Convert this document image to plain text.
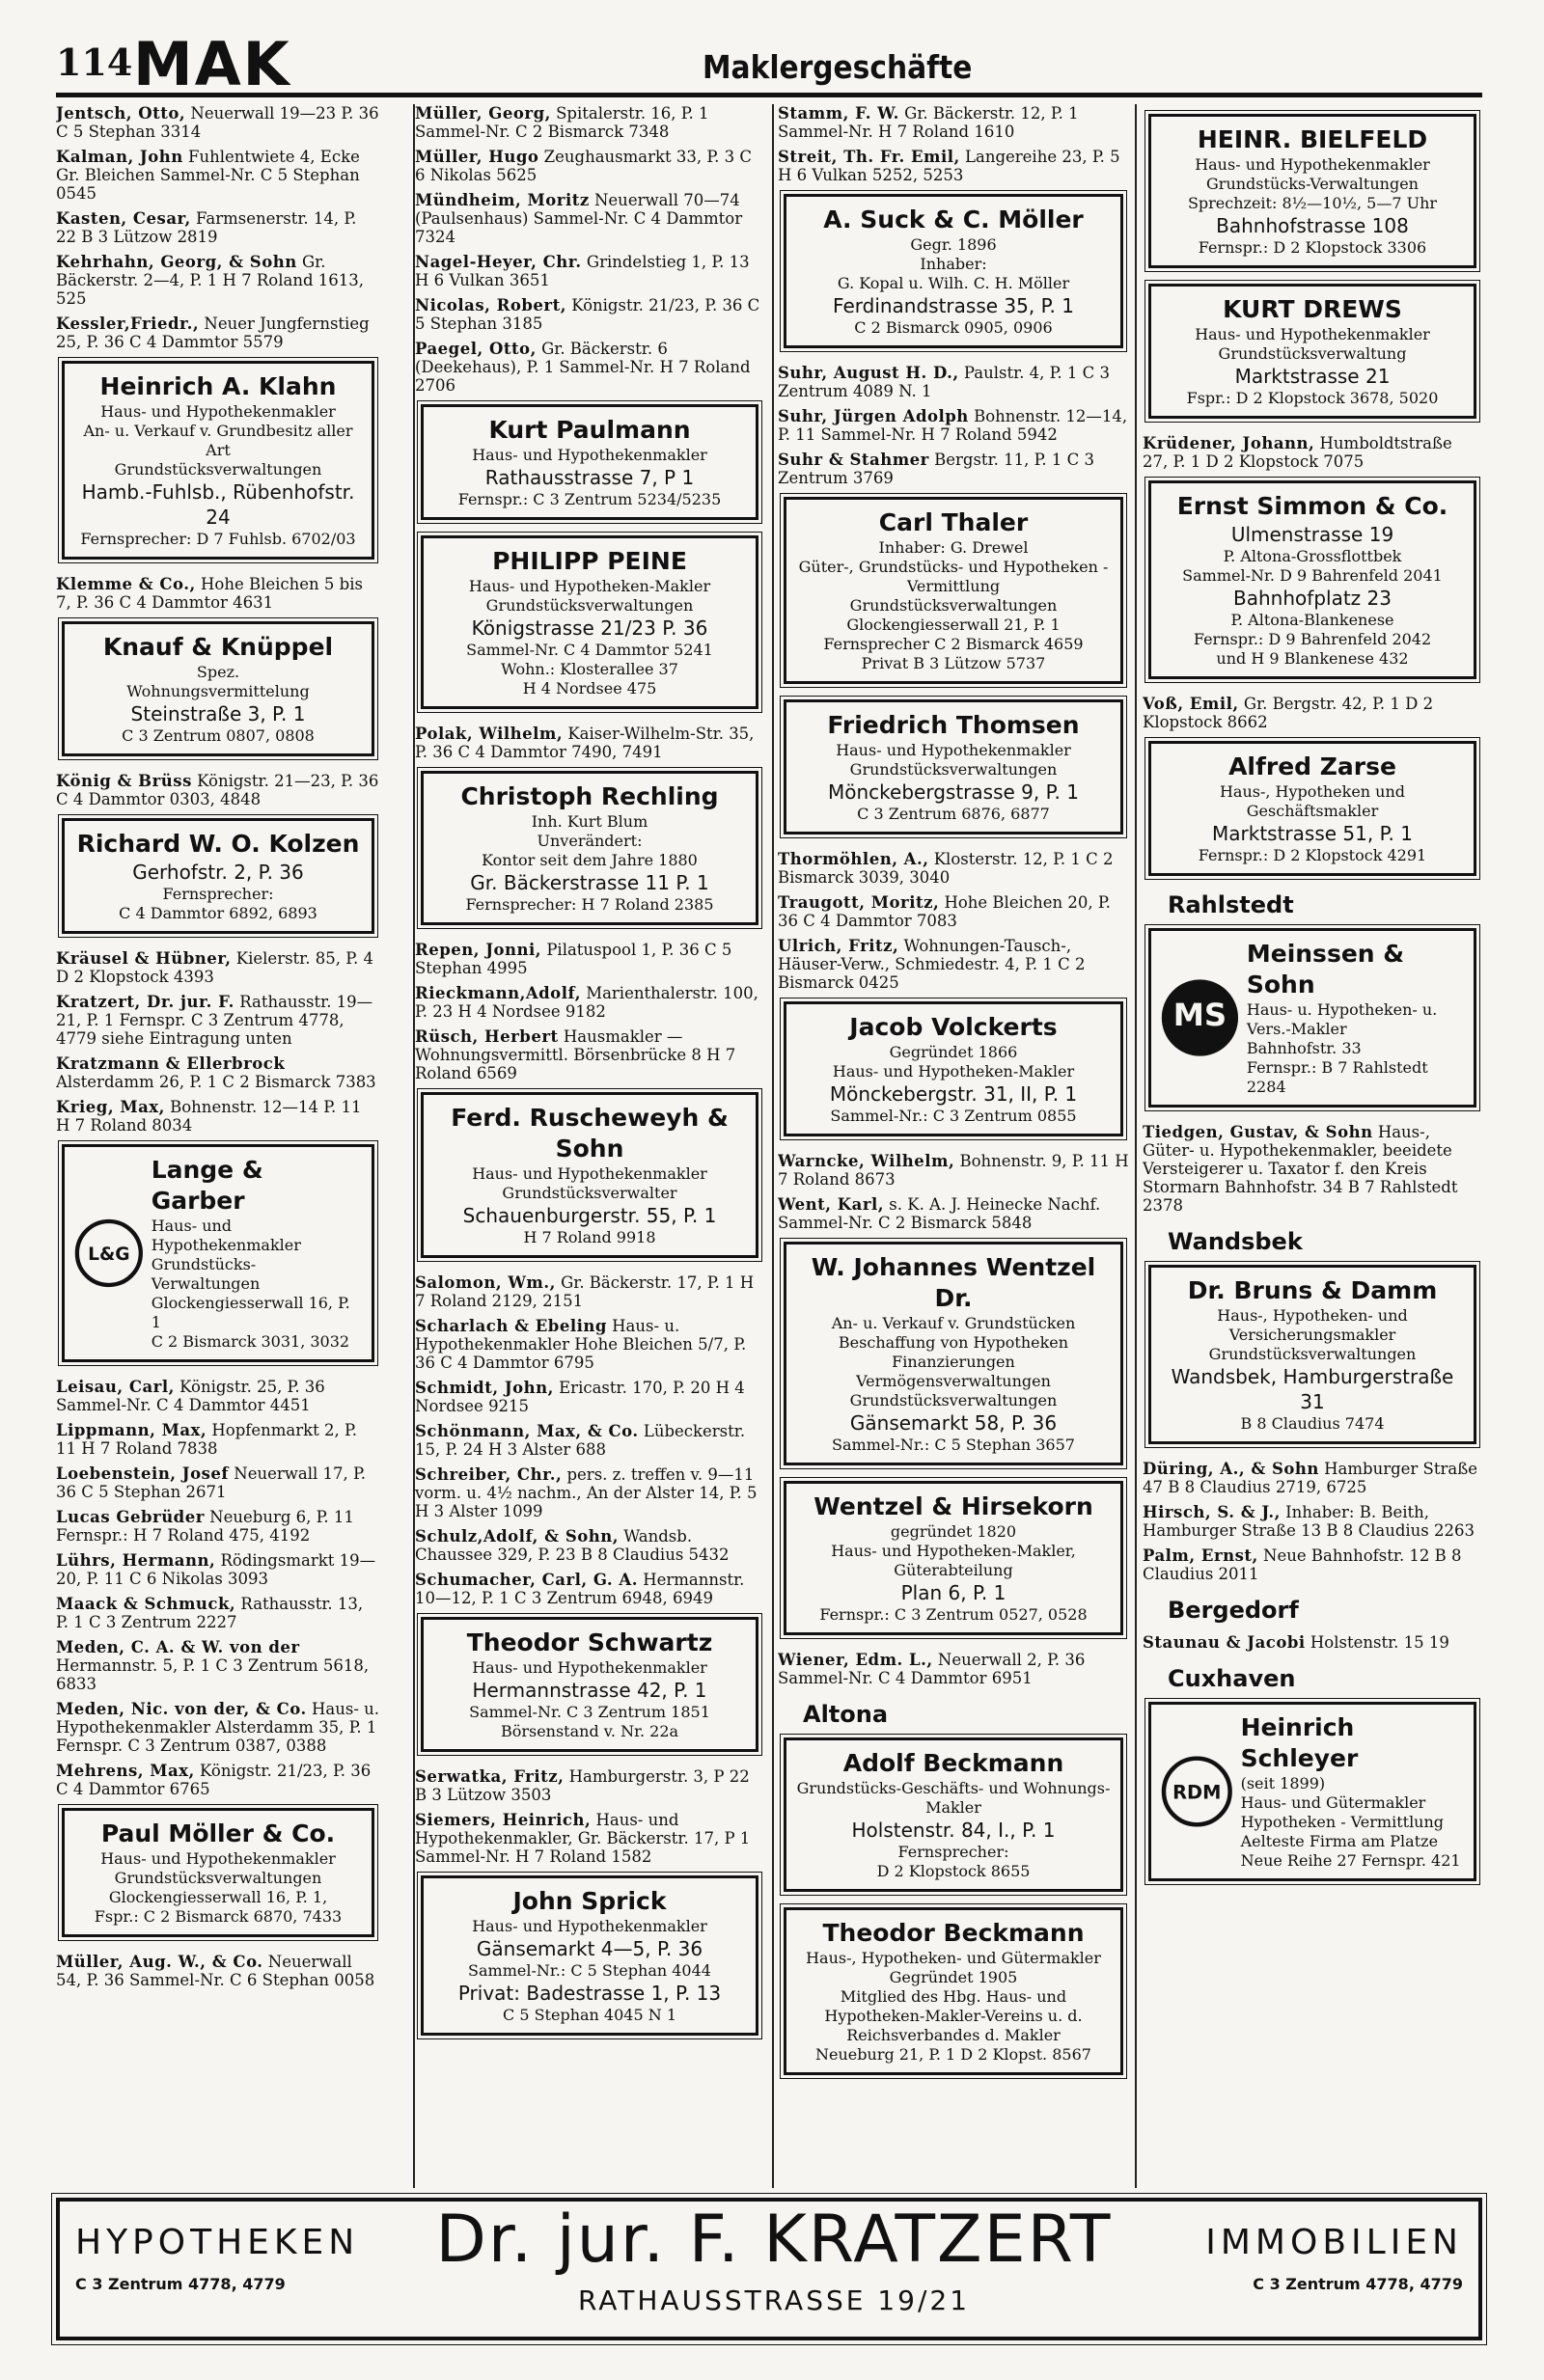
114 MAK	Maklergeschäfte
Jentsch, Otto, Neuerwall 19—23 P. 36 C 5 Stephan 3314
Kalman, John Fuhlentwiete 4, Ecke Gr. Bleichen Sammel-Nr. C 5 Stephan 0545
Kasten, Cesar, Farmsenerstr. 14, P. 22 B 3 Lützow 2819
Kehrhahn, Georg, & Sohn Gr. Bäckerstr. 2—4, P. 1 H 7 Roland 1613, 525
Kessler,Friedr., Neuer Jungfernstieg 25, P. 36 C 4 Dammtor 5579
Heinrich A. Klahn
Haus- und Hypothekenmakler
An- u. Verkauf v. Grundbesitz aller Art
Grundstücksverwaltungen
Hamb.-Fuhlsb., Rübenhofstr. 24
Fernsprecher: D 7 Fuhlsb. 6702/03
Klemme & Co., Hohe Bleichen 5 bis 7, P. 36 C 4 Dammtor 4631
Knauf & Knüppel
Spez.
Wohnungsvermittelung
Steinstraße 3, P. 1
C 3 Zentrum 0807, 0808
König & Brüss Königstr. 21—23, P. 36 C 4 Dammtor 0303, 4848
Richard W. O. Kolzen
Gerhofstr. 2, P. 36
Fernsprecher:
C 4 Dammtor 6892, 6893
Kräusel & Hübner, Kielerstr. 85, P. 4 D 2 Klopstock 4393
Kratzert, Dr. jur. F. Rathausstr. 19—21, P. 1 Fernspr. C 3 Zentrum 4778, 4779 siehe Eintragung unten
Kratzmann & Ellerbrock Alsterdamm 26, P. 1 C 2 Bismarck 7383
Krieg, Max, Bohnenstr. 12—14 P. 11 H 7 Roland 8034
L&G
Lange & Garber
Haus- und Hypothekenmakler
Grundstücks-Verwaltungen
Glockengiesserwall 16, P. 1
C 2 Bismarck 3031, 3032
Leisau, Carl, Königstr. 25, P. 36 Sammel-Nr. C 4 Dammtor 4451
Lippmann, Max, Hopfenmarkt 2, P. 11 H 7 Roland 7838
Loebenstein, Josef Neuerwall 17, P. 36 C 5 Stephan 2671
Lucas Gebrüder Neueburg 6, P. 11 Fernspr.: H 7 Roland 475, 4192
Lührs, Hermann, Rödingsmarkt 19—20, P. 11 C 6 Nikolas 3093
Maack & Schmuck, Rathausstr. 13, P. 1 C 3 Zentrum 2227
Meden, C. A. & W. von der Hermannstr. 5, P. 1 C 3 Zentrum 5618, 6833
Meden, Nic. von der, & Co. Haus- u. Hypothekenmakler Alsterdamm 35, P. 1 Fernspr. C 3 Zentrum 0387, 0388
Mehrens, Max, Königstr. 21/23, P. 36 C 4 Dammtor 6765
Paul Möller & Co.
Haus- und Hypothekenmakler
Grundstücksverwaltungen
Glockengiesserwall 16, P. 1,
Fspr.: C 2 Bismarck 6870, 7433
Müller, Aug. W., & Co. Neuerwall 54, P. 36 Sammel-Nr. C 6 Stephan 0058
Müller, Georg, Spitalerstr. 16, P. 1 Sammel-Nr. C 2 Bismarck 7348
Müller, Hugo Zeughausmarkt 33, P. 3 C 6 Nikolas 5625
Mündheim, Moritz Neuerwall 70—74 (Paulsenhaus) Sammel-Nr. C 4 Dammtor 7324
Nagel-Heyer, Chr. Grindelstieg 1, P. 13 H 6 Vulkan 3651
Nicolas, Robert, Königstr. 21/23, P. 36 C 5 Stephan 3185
Paegel, Otto, Gr. Bäckerstr. 6 (Deekehaus), P. 1 Sammel-Nr. H 7 Roland 2706
Kurt Paulmann
Haus- und Hypothekenmakler
Rathausstrasse 7, P 1
Fernspr.: C 3 Zentrum 5234/5235
PHILIPP PEINE
Haus- und Hypotheken-Makler
Grundstücksverwaltungen
Königstrasse 21/23 P. 36
Sammel-Nr. C 4 Dammtor 5241
Wohn.: Klosterallee 37
H 4 Nordsee 475
Polak, Wilhelm, Kaiser-Wilhelm-Str. 35, P. 36 C 4 Dammtor 7490, 7491
Christoph Rechling
Inh. Kurt Blum
Unverändert:
Kontor seit dem Jahre 1880
Gr. Bäckerstrasse 11 P. 1
Fernsprecher: H 7 Roland 2385
Repen, Jonni, Pilatuspool 1, P. 36 C 5 Stephan 4995
Rieckmann,Adolf, Marienthalerstr. 100, P. 23 H 4 Nordsee 9182
Rüsch, Herbert Hausmakler — Wohnungsvermittl. Börsenbrücke 8 H 7 Roland 6569
Ferd. Ruscheweyh & Sohn
Haus- und Hypothekenmakler
Grundstücksverwalter
Schauenburgerstr. 55, P. 1
H 7 Roland 9918
Salomon, Wm., Gr. Bäckerstr. 17, P. 1 H 7 Roland 2129, 2151
Scharlach & Ebeling Haus- u. Hypothekenmakler Hohe Bleichen 5/7, P. 36 C 4 Dammtor 6795
Schmidt, John, Ericastr. 170, P. 20 H 4 Nordsee 9215
Schönmann, Max, & Co. Lübeckerstr. 15, P. 24 H 3 Alster 688
Schreiber, Chr., pers. z. treffen v. 9—11 vorm. u. 4½ nachm., An der Alster 14, P. 5 H 3 Alster 1099
Schulz,Adolf, & Sohn, Wandsb. Chaussee 329, P. 23 B 8 Claudius 5432
Schumacher, Carl, G. A. Hermannstr. 10—12, P. 1 C 3 Zentrum 6948, 6949
Theodor Schwartz
Haus- und Hypothekenmakler
Hermannstrasse 42, P. 1
Sammel-Nr. C 3 Zentrum 1851
Börsenstand v. Nr. 22a
Serwatka, Fritz, Hamburgerstr. 3, P 22 B 3 Lützow 3503
Siemers, Heinrich, Haus- und Hypothekenmakler, Gr. Bäckerstr. 17, P 1 Sammel-Nr. H 7 Roland 1582
John Sprick
Haus- und Hypothekenmakler
Gänsemarkt 4—5, P. 36
Sammel-Nr.: C 5 Stephan 4044
Privat: Badestrasse 1, P. 13
C 5 Stephan 4045 N 1
Stamm, F. W. Gr. Bäckerstr. 12, P. 1 Sammel-Nr. H 7 Roland 1610
Streit, Th. Fr. Emil, Langereihe 23, P. 5 H 6 Vulkan 5252, 5253
A. Suck & C. Möller
Gegr. 1896
Inhaber:
G. Kopal u. Wilh. C. H. Möller
Ferdinandstrasse 35, P. 1
C 2 Bismarck 0905, 0906
Suhr, August H. D., Paulstr. 4, P. 1 C 3 Zentrum 4089 N. 1
Suhr, Jürgen Adolph Bohnenstr. 12—14, P. 11 Sammel-Nr. H 7 Roland 5942
Suhr & Stahmer Bergstr. 11, P. 1 C 3 Zentrum 3769
Carl Thaler
Inhaber: G. Drewel
Güter-, Grundstücks- und Hypotheken - Vermittlung
Grundstücksverwaltungen
Glockengiesserwall 21, P. 1
Fernsprecher C 2 Bismarck 4659
Privat B 3 Lützow 5737
Friedrich Thomsen
Haus- und Hypothekenmakler
Grundstücksverwaltungen
Mönckebergstrasse 9, P. 1
C 3 Zentrum 6876, 6877
Thormöhlen, A., Klosterstr. 12, P. 1 C 2 Bismarck 3039, 3040
Traugott, Moritz, Hohe Bleichen 20, P. 36 C 4 Dammtor 7083
Ulrich, Fritz, Wohnungen-Tausch-, Häuser-Verw., Schmiedestr. 4, P. 1 C 2 Bismarck 0425
Jacob Volckerts
Gegründet 1866
Haus- und Hypotheken-Makler
Mönckebergstr. 31, II, P. 1
Sammel-Nr.: C 3 Zentrum 0855
Warncke, Wilhelm, Bohnenstr. 9, P. 11 H 7 Roland 8673
Went, Karl, s. K. A. J. Heinecke Nachf. Sammel-Nr. C 2 Bismarck 5848
W. Johannes Wentzel Dr.
An- u. Verkauf v. Grundstücken
Beschaffung von Hypotheken
Finanzierungen
Vermögensverwaltungen
Grundstücksverwaltungen
Gänsemarkt 58, P. 36
Sammel-Nr.: C 5 Stephan 3657
Wentzel & Hirsekorn
gegründet 1820
Haus- und Hypotheken-Makler, Güterabteilung
Plan 6, P. 1
Fernspr.: C 3 Zentrum 0527, 0528
Wiener, Edm. L., Neuerwall 2, P. 36 Sammel-Nr. C 4 Dammtor 6951
Altona
Adolf Beckmann
Grundstücks-Geschäfts- und Wohnungs-Makler
Holstenstr. 84, I., P. 1
Fernsprecher:
D 2 Klopstock 8655
Theodor Beckmann
Haus-, Hypotheken- und Gütermakler
Gegründet 1905
Mitglied des Hbg. Haus- und Hypotheken-Makler-Vereins u. d. Reichsverbandes d. Makler
Neueburg 21, P. 1 D 2 Klopst. 8567
HEINR. BIELFELD
Haus- und Hypothekenmakler
Grundstücks-Verwaltungen
Sprechzeit: 8½—10½, 5—7 Uhr
Bahnhofstrasse 108
Fernspr.: D 2 Klopstock 3306
KURT DREWS
Haus- und Hypothekenmakler
Grundstücksverwaltung
Marktstrasse 21
Fspr.: D 2 Klopstock 3678, 5020
Krüdener, Johann, Humboldtstraße 27, P. 1 D 2 Klopstock 7075
Ernst Simmon & Co.
Ulmenstrasse 19
P. Altona-Grossflottbek
Sammel-Nr. D 9 Bahrenfeld 2041
Bahnhofplatz 23
P. Altona-Blankenese
Fernspr.: D 9 Bahrenfeld 2042
und H 9 Blankenese 432
Voß, Emil, Gr. Bergstr. 42, P. 1 D 2 Klopstock 8662
Alfred Zarse
Haus-, Hypotheken und Geschäftsmakler
Marktstrasse 51, P. 1
Fernspr.: D 2 Klopstock 4291
Rahlstedt
MS
Meinssen & Sohn
Haus- u. Hypotheken- u. Vers.-Makler
Bahnhofstr. 33
Fernspr.: B 7 Rahlstedt 2284
Tiedgen, Gustav, & Sohn Haus-, Güter- u. Hypothekenmakler, beeidete Versteigerer u. Taxator f. den Kreis Stormarn Bahnhofstr. 34 B 7 Rahlstedt 2378
Wandsbek
Dr. Bruns & Damm
Haus-, Hypotheken- und Versicherungsmakler
Grundstücksverwaltungen
Wandsbek, Hamburgerstraße 31
B 8 Claudius 7474
Düring, A., & Sohn Hamburger Straße 47 B 8 Claudius 2719, 6725
Hirsch, S. & J., Inhaber: B. Beith, Hamburger Straße 13 B 8 Claudius 2263
Palm, Ernst, Neue Bahnhofstr. 12 B 8 Claudius 2011
Bergedorf
Staunau & Jacobi Holstenstr. 15 19
Cuxhaven
RDM
Heinrich Schleyer
(seit 1899)
Haus- und Gütermakler
Hypotheken - Vermittlung
Aelteste Firma am Platze
Neue Reihe 27 Fernspr. 421
HYPOTHEKEN
C 3 Zentrum 4778, 4779
Dr. jur. F. KRATZERT
RATHAUSSTRASSE 19/21
IMMOBILIEN
C 3 Zentrum 4778, 4779
